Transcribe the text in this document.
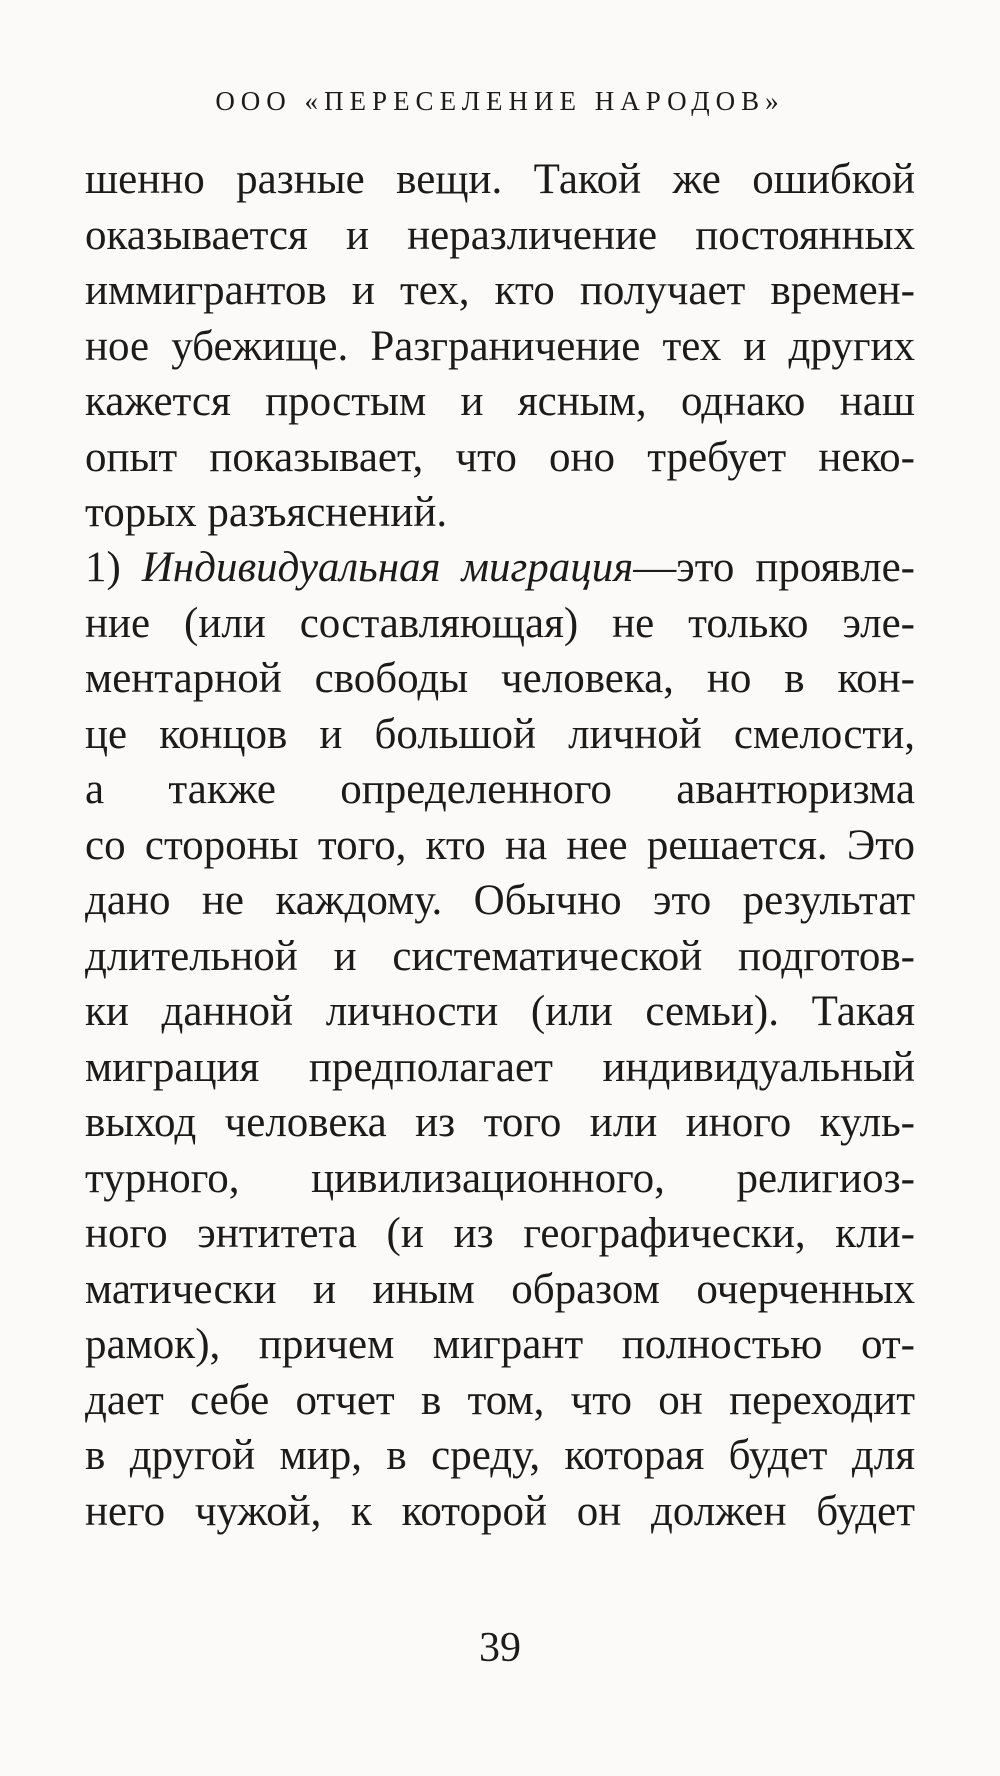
ООО «ПЕРЕСЕЛЕНИЕ НАРОДОВ»
шенно разные вещи. Такой же ошибкой
оказывается и неразличение постоянных
иммигрантов и тех, кто получает времен-
ное убежище. Разграничение тех и других
кажется простым и ясным, однако наш
опыт показывает, что оно требует неко-
торых разъяснений.
1) Индивидуальная миграция—это проявле-
ние (или составляющая) не только эле-
ментарной свободы человека, но в кон-
це концов и большой личной смелости,
а также определенного авантюризма
со стороны того, кто на нее решается. Это
дано не каждому. Обычно это результат
длительной и систематической подготов-
ки данной личности (или семьи). Такая
миграция предполагает индивидуальный
выход человека из того или иного куль-
турного, цивилизационного, религиоз-
ного энтитета (и из географически, кли-
матически и иным образом очерченных
рамок), причем мигрант полностью от-
дает себе отчет в том, что он переходит
в другой мир, в среду, которая будет для
него чужой, к которой он должен будет
39
